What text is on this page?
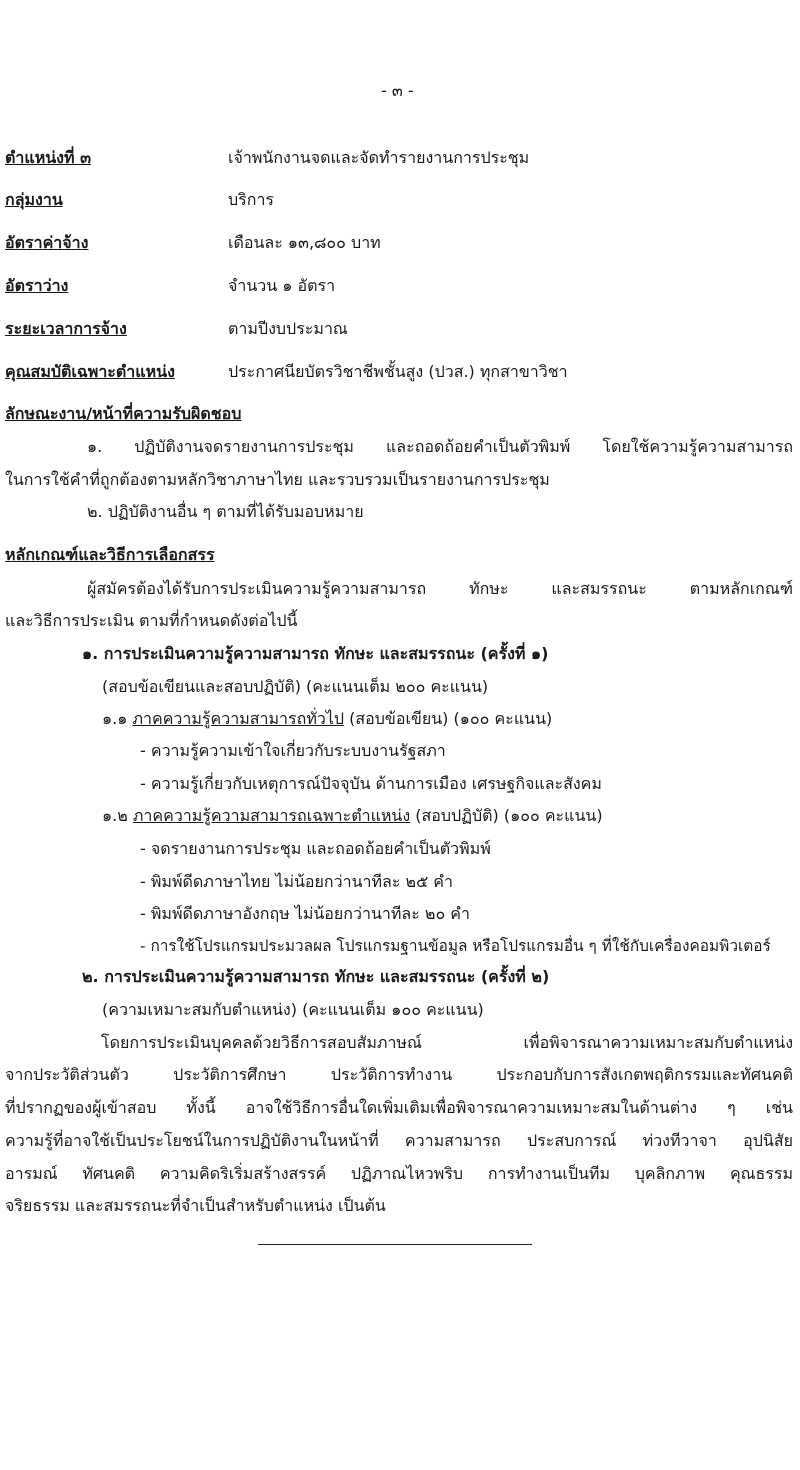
- ๓ -
ตำแหน่งที่ ๓	เจ้าพนักงานจดและจัดทำรายงานการประชุม
กลุ่มงาน	บริการ
อัตราค่าจ้าง	เดือนละ ๑๓,๘๐๐ บาท
อัตราว่าง	จำนวน ๑ อัตรา
ระยะเวลาการจ้าง	ตามปีงบประมาณ
คุณสมบัติเฉพาะตำแหน่ง	ประกาศนียบัตรวิชาชีพชั้นสูง (ปวส.) ทุกสาขาวิชา
ลักษณะงาน/หน้าที่ความรับผิดชอบ
๑. ปฏิบัติงานจดรายงานการประชุม และถอดถ้อยคำเป็นตัวพิมพ์ โดยใช้ความรู้ความสามารถ
ในการใช้คำที่ถูกต้องตามหลักวิชาภาษาไทย และรวบรวมเป็นรายงานการประชุม
๒. ปฏิบัติงานอื่น ๆ ตามที่ได้รับมอบหมาย
หลักเกณฑ์และวิธีการเลือกสรร
ผู้สมัครต้องได้รับการประเมินความรู้ความสามารถ ทักษะ และสมรรถนะ ตามหลักเกณฑ์
และวิธีการประเมิน ตามที่กำหนดดังต่อไปนี้
๑. การประเมินความรู้ความสามารถ ทักษะ และสมรรถนะ (ครั้งที่ ๑)
(สอบข้อเขียนและสอบปฏิบัติ) (คะแนนเต็ม ๒๐๐ คะแนน)
๑.๑ ภาคความรู้ความสามารถทั่วไป (สอบข้อเขียน) (๑๐๐ คะแนน)
- ความรู้ความเข้าใจเกี่ยวกับระบบงานรัฐสภา
- ความรู้เกี่ยวกับเหตุการณ์ปัจจุบัน ด้านการเมือง เศรษฐกิจและสังคม
๑.๒ ภาคความรู้ความสามารถเฉพาะตำแหน่ง (สอบปฏิบัติ) (๑๐๐ คะแนน)
- จดรายงานการประชุม และถอดถ้อยคำเป็นตัวพิมพ์
- พิมพ์ดีดภาษาไทย ไม่น้อยกว่านาทีละ ๒๕ คำ
- พิมพ์ดีดภาษาอังกฤษ ไม่น้อยกว่านาทีละ ๒๐ คำ
- การใช้โปรแกรมประมวลผล โปรแกรมฐานข้อมูล หรือโปรแกรมอื่น ๆ ที่ใช้กับเครื่องคอมพิวเตอร์
๒. การประเมินความรู้ความสามารถ ทักษะ และสมรรถนะ (ครั้งที่ ๒)
(ความเหมาะสมกับตำแหน่ง) (คะแนนเต็ม ๑๐๐ คะแนน)
โดยการประเมินบุคคลด้วยวิธีการสอบสัมภาษณ์ เพื่อพิจารณาความเหมาะสมกับตำแหน่ง
จากประวัติส่วนตัว ประวัติการศึกษา ประวัติการทำงาน ประกอบกับการสังเกตพฤติกรรมและทัศนคติ
ที่ปรากฏของผู้เข้าสอบ ทั้งนี้ อาจใช้วิธีการอื่นใดเพิ่มเติมเพื่อพิจารณาความเหมาะสมในด้านต่าง ๆ เช่น
ความรู้ที่อาจใช้เป็นประโยชน์ในการปฏิบัติงานในหน้าที่ ความสามารถ ประสบการณ์ ท่วงทีวาจา อุปนิสัย
อารมณ์ ทัศนคติ ความคิดริเริ่มสร้างสรรค์ ปฏิภาณไหวพริบ การทำงานเป็นทีม บุคลิกภาพ คุณธรรม
จริยธรรม และสมรรถนะที่จำเป็นสำหรับตำแหน่ง เป็นต้น
